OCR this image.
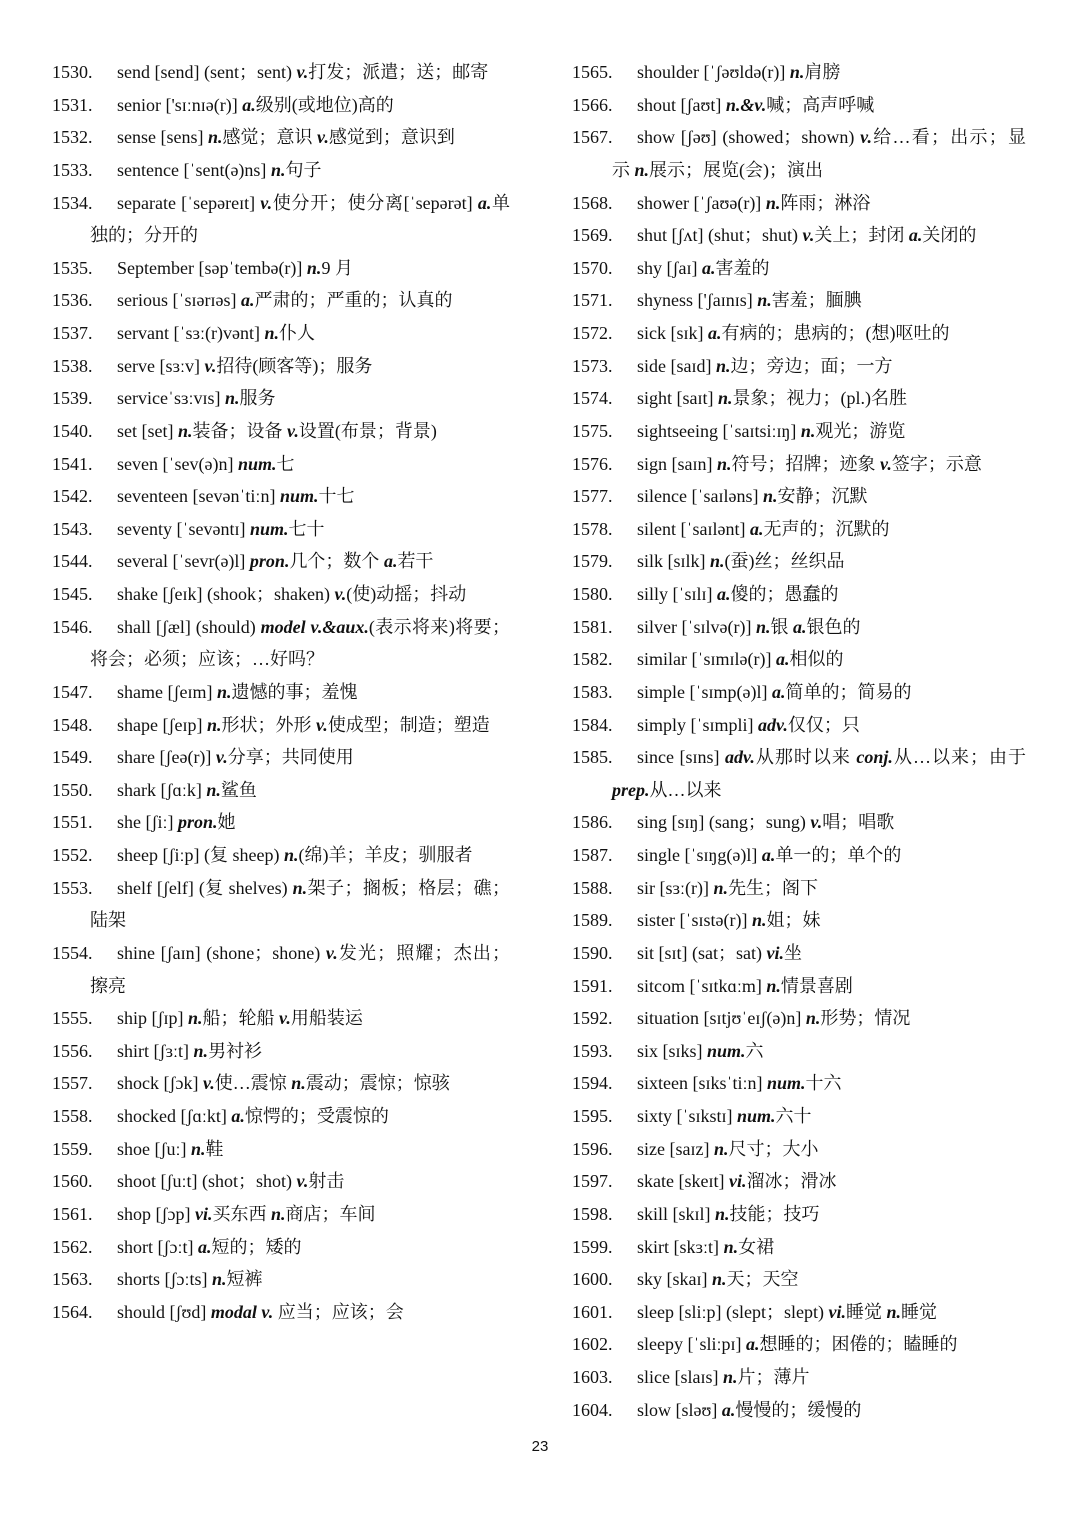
1530. send [send] (sent；sent) v.打发；派遣；送；邮寄
1531. senior ['sɪːnɪə(r)] a.级别(或地位)高的
1532. sense [sens] n.感觉；意识 v.感觉到；意识到
1533. sentence [ˈsent(ə)ns] n.句子
1534. separate [ˈsepəreɪt] v.使分开；使分离[ˈsepərət] a.单独的；分开的
1535. September [səpˈtembə(r)] n.9 月
1536. serious [ˈsɪərɪəs] a.严肃的；严重的；认真的
1537. servant [ˈsɜː(r)vənt] n.仆人
1538. serve [sɜːv] v.招待(顾客等)；服务
1539. serviceˈsɜːvɪs] n.服务
1540. set [set] n.装备；设备 v.设置(布景；背景)
1541. seven [ˈsev(ə)n] num.七
1542. seventeen [sevənˈtiːn] num.十七
1543. seventy [ˈsevəntɪ] num.七十
1544. several [ˈsevr(ə)l] pron.几个；数个 a.若干
1545. shake [ʃeɪk] (shook；shaken) v.(使)动摇；抖动
1546. shall [ʃæl] (should) model v.&aux.(表示将来)将要；将会；必须；应该；…好吗？
1547. shame [ʃeɪm] n.遗憾的事；羞愧
1548. shape [ʃeɪp] n.形状；外形 v.使成型；制造；塑造
1549. share [ʃeə(r)] v.分享；共同使用
1550. shark [ʃɑːk] n.鲨鱼
1551. she [ʃiː] pron.她
1552. sheep [ʃiːp] (复 sheep) n.(绵)羊；羊皮；驯服者
1553. shelf [ʃelf] (复 shelves) n.架子；搁板；格层；礁；陆架
1554. shine [ʃaɪn] (shone；shone) v.发光；照耀；杰出；擦亮
1555. ship [ʃɪp] n.船；轮船 v.用船装运
1556. shirt [ʃɜːt] n.男衬衫
1557. shock [ʃɔk] v.使…震惊 n.震动；震惊；惊骇
1558. shocked [ʃɑːkt] a.惊愕的；受震惊的
1559. shoe [ʃuː] n.鞋
1560. shoot [ʃuːt] (shot；shot) v.射击
1561. shop [ʃɔp] vi.买东西 n.商店；车间
1562. short [ʃɔːt] a.短的；矮的
1563. shorts [ʃɔːts] n.短裤
1564. should [ʃʊd] modal v. 应当；应该；会
1565. shoulder [ˈʃəʊldə(r)] n.肩膀
1566. shout [ʃaʊt] n.&v.喊；高声呼喊
1567. show [ʃəʊ] (showed；shown) v.给…看；出示；显示 n.展示；展览(会)；演出
1568. shower [ˈʃaʊə(r)] n.阵雨；淋浴
1569. shut [ʃʌt] (shut；shut) v.关上；封闭 a.关闭的
1570. shy [ʃaɪ] a.害羞的
1571. shyness ['ʃaɪnɪs] n.害羞；腼腆
1572. sick [sɪk] a.有病的；患病的；(想)呕吐的
1573. side [saɪd] n.边；旁边；面；一方
1574. sight [saɪt] n.景象；视力；(pl.)名胜
1575. sightseeing [ˈsaɪtsiːɪŋ] n.观光；游览
1576. sign [saɪn] n.符号；招牌；迹象 v.签字；示意
1577. silence [ˈsaɪləns] n.安静；沉默
1578. silent [ˈsaɪlənt] a.无声的；沉默的
1579. silk [sɪlk] n.(蚕)丝；丝织品
1580. silly [ˈsɪlɪ] a.傻的；愚蠢的
1581. silver [ˈsɪlvə(r)] n.银 a.银色的
1582. similar [ˈsɪmɪlə(r)] a.相似的
1583. simple [ˈsɪmp(ə)l] a.简单的；简易的
1584. simply [ˈsɪmpli] adv.仅仅；只
1585. since [sɪns] adv.从那时以来 conj.从…以来；由于 prep.从…以来
1586. sing [sɪŋ] (sang；sung) v.唱；唱歌
1587. single [ˈsɪŋg(ə)l] a.单一的；单个的
1588. sir [sɜː(r)] n.先生；阁下
1589. sister [ˈsɪstə(r)] n.姐；妹
1590. sit [sɪt] (sat；sat) vi.坐
1591. sitcom [ˈsɪtkɑːm] n.情景喜剧
1592. situation [sɪtjʊˈeɪʃ(ə)n] n.形势；情况
1593. six [sɪks] num.六
1594. sixteen [sɪksˈtiːn] num.十六
1595. sixty [ˈsɪkstɪ] num.六十
1596. size [saɪz] n.尺寸；大小
1597. skate [skeɪt] vi.溜冰；滑冰
1598. skill [skɪl] n.技能；技巧
1599. skirt [skɜːt] n.女裙
1600. sky [skaɪ] n.天；天空
1601. sleep [sliːp] (slept；slept) vi.睡觉 n.睡觉
1602. sleepy [ˈsliːpɪ] a.想睡的；困倦的；瞌睡的
1603. slice [slaɪs] n.片；薄片
1604. slow [sləʊ] a.慢慢的；缓慢的
23
